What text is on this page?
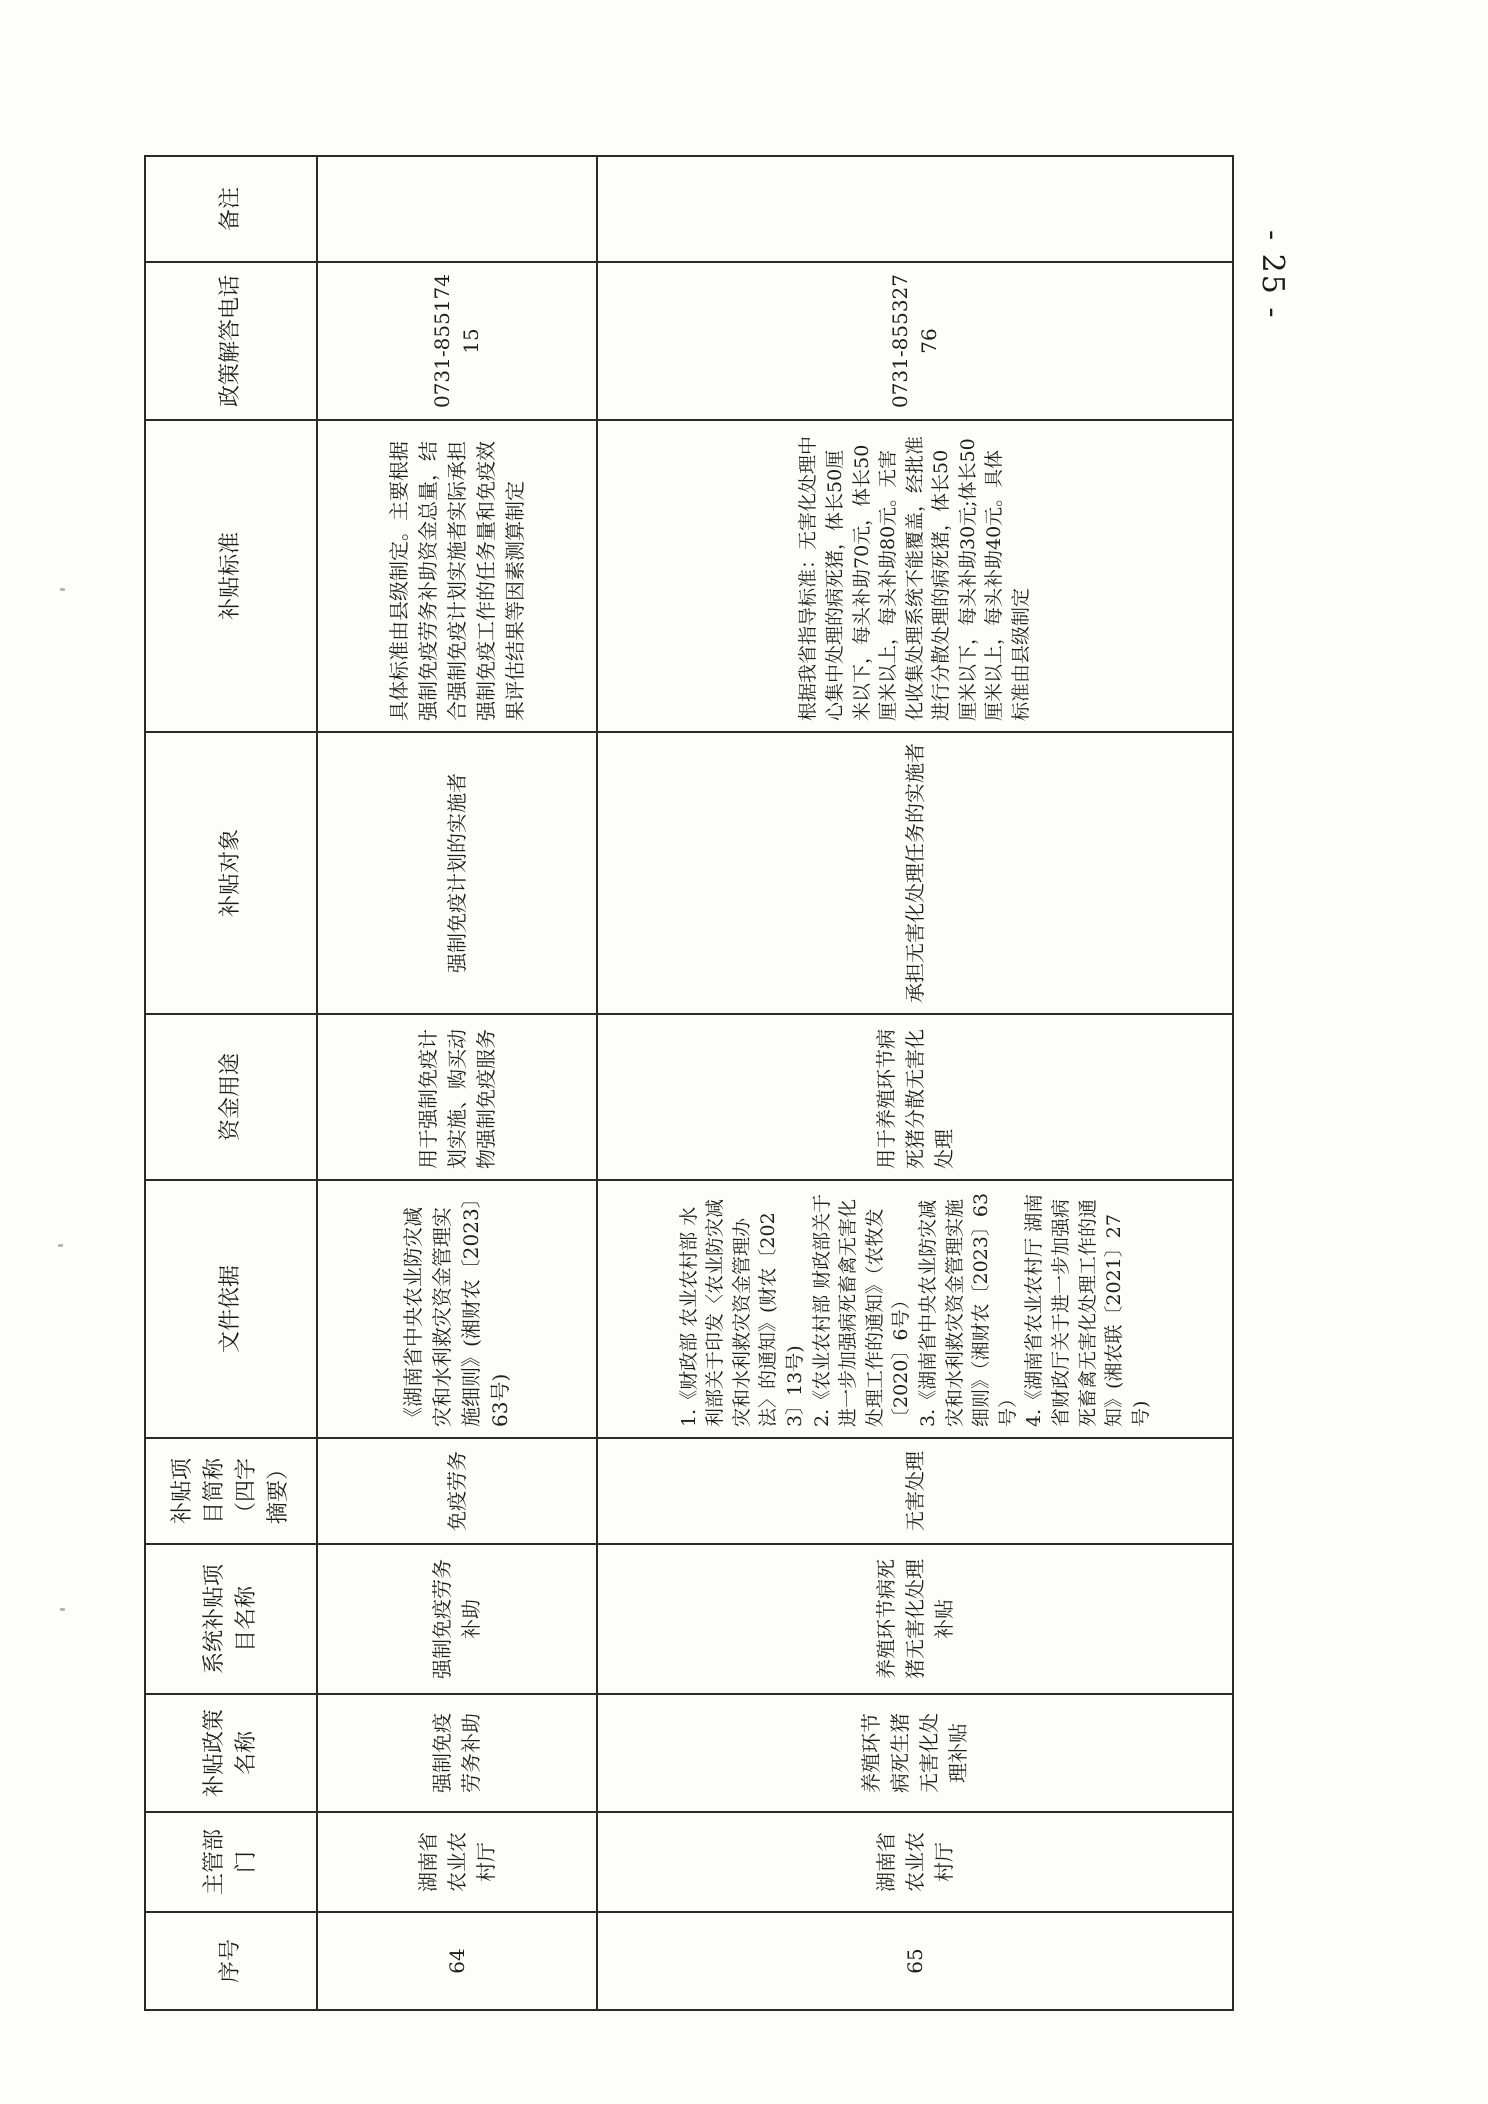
序号	主管部门	补贴政策名称	系统补贴项目名称	补贴项目简称（四字摘要）	文件依据	资金用途	补贴对象	补贴标准	政策解答电话	备注
64	湖南省农业农村厅	强制免疫劳务补助	强制免疫劳务补助	免疫劳务	《湖南省中央农业防灾减灾和水利救灾资金管理实施细则》(湘财农〔2023〕63号)	用于强制免疫计划实施、购买动物强制免疫服务	强制免疫计划的实施者	具体标准由县级制定。主要根据强制免疫劳务补助资金总量，结合强制免疫计划实施者实际承担强制免疫工作的任务量和免疫效果评估结果等因素测算制定	0731-85517415	
65	湖南省农业农村厅	养殖环节病死生猪无害化处理补贴	养殖环节病死猪无害化处理补贴	无害处理	1.《财政部 农业农村部 水利部关于印发〈农业防灾减灾和水利救灾资金管理办法〉的通知》(财农〔2023〕13号)
2.《农业农村部 财政部关于进一步加强病死畜禽无害化处理工作的通知》（农牧发〔2020〕6号）
3.《湖南省中央农业防灾减灾和水利救灾资金管理实施细则》（湘财农〔2023〕63号）
4.《湖南省农业农村厅 湖南省财政厅关于进一步加强病死畜禽无害化处理工作的通知》(湘农联〔2021〕27号)	用于养殖环节病死猪分散无害化处理	承担无害化处理任务的实施者	根据我省指导标准：无害化处理中心集中处理的病死猪，体长50厘米以下，每头补助70元，体长50厘米以上，每头补助80元。无害化收集处理系统不能覆盖，经批准进行分散处理的病死猪，体长50厘米以下，每头补助30元;体长50厘米以上，每头补助40元。具体标准由县级制定	0731-85532776	
- 25 -
